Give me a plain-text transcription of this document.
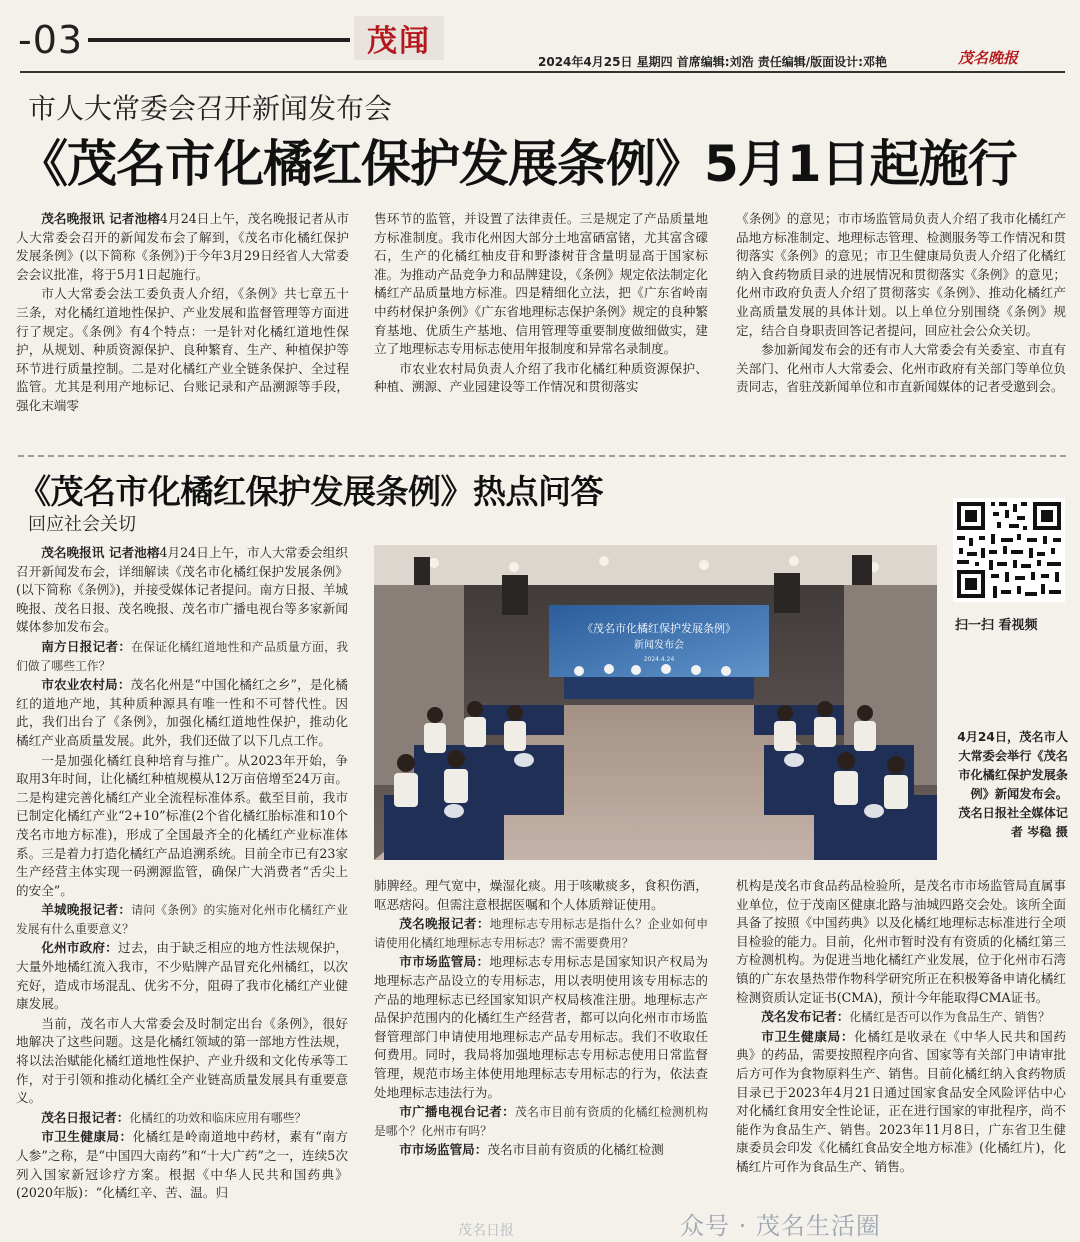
-03	茂闻
2024年4月25日 星期四 首席编辑:刘浩 责任编辑/版面设计:邓艳	茂名晚报
市人大常委会召开新闻发布会
《茂名市化橘红保护发展条例》5月1日起施行

茂名晚报讯 记者池榕4月24日上午，茂名晚报记者从市人大常委会召开的新闻发布会了解到，《茂名市化橘红保护发展条例》(以下简称《条例》)于今年3月29日经省人大常委会会议批准，将于5月1日起施行。

市人大常委会法工委负责人介绍，《条例》共七章五十三条，对化橘红道地性保护、产业发展和监督管理等方面进行了规定。《条例》有4个特点：一是针对化橘红道地性保护，从规划、种质资源保护、良种繁育、生产、种植保护等环节进行质量控制。二是对化橘红产业全链条保护、全过程监管。尤其是利用产地标记、台账记录和产品溯源等手段，强化末端零

售环节的监管，并设置了法律责任。三是规定了产品质量地方标准制度。我市化州因大部分土地富硒富锗，尤其富含礞石，生产的化橘红柚皮苷和野漆树苷含量明显高于国家标准。为推动产品竞争力和品牌建设，《条例》规定依法制定化橘红产品质量地方标准。四是精细化立法，把《广东省岭南中药材保护条例》《广东省地理标志保护条例》规定的良种繁育基地、优质生产基地、信用管理等重要制度做细做实，建立了地理标志专用标志使用年报制度和异常名录制度。

市农业农村局负责人介绍了我市化橘红种质资源保护、种植、溯源、产业园建设等工作情况和贯彻落实

《条例》的意见；市市场监管局负责人介绍了我市化橘红产品地方标准制定、地理标志管理、检测服务等工作情况和贯彻落实《条例》的意见；市卫生健康局负责人介绍了化橘红纳入食药物质目录的进展情况和贯彻落实《条例》的意见；化州市政府负责人介绍了贯彻落实《条例》、推动化橘红产业高质量发展的具体计划。以上单位分别围绕《条例》规定，结合自身职责回答记者提问，回应社会公众关切。

参加新闻发布会的还有市人大常委会有关委室、市直有关部门、化州市人大常委会、化州市政府有关部门等单位负责同志，省驻茂新闻单位和市直新闻媒体的记者受邀到会。

《茂名市化橘红保护发展条例》热点问答
回应社会关切
扫一扫 看视频
《茂名市化橘红保护发展条例》
新闻发布会
2024.4.24
4月24日，茂名市人大常委会举行《茂名市化橘红保护发展条例》新闻发布会。
茂名日报社全媒体记者 岑稳 摄

茂名晚报讯 记者池榕4月24日上午，市人大常委会组织召开新闻发布会，详细解读《茂名市化橘红保护发展条例》(以下简称《条例》)，并接受媒体记者提问。南方日报、羊城晚报、茂名日报、茂名晚报、茂名市广播电视台等多家新闻媒体参加发布会。

南方日报记者：在保证化橘红道地性和产品质量方面，我们做了哪些工作？

市农业农村局：茂名化州是“中国化橘红之乡”，是化橘红的道地产地，其种质种源具有唯一性和不可替代性。因此，我们出台了《条例》，加强化橘红道地性保护，推动化橘红产业高质量发展。此外，我们还做了以下几点工作。

一是加强化橘红良种培育与推广。从2023年开始，争取用3年时间，让化橘红种植规模从12万亩倍增至24万亩。二是构建完善化橘红产业全流程标准体系。截至目前，我市已制定化橘红产业“2+10”标准(2个省化橘红胎标准和10个茂名市地方标准)，形成了全国最齐全的化橘红产业标准体系。三是着力打造化橘红产品追溯系统。目前全市已有23家生产经营主体实现一码溯源监管，确保广大消费者“舌尖上的安全”。

羊城晚报记者：请问《条例》的实施对化州市化橘红产业发展有什么重要意义？

化州市政府：过去，由于缺乏相应的地方性法规保护，大量外地橘红流入我市，不少贴牌产品冒充化州橘红，以次充好，造成市场混乱、优劣不分，阻碍了我市化橘红产业健康发展。

当前，茂名市人大常委会及时制定出台《条例》，很好地解决了这些问题。这是化橘红领域的第一部地方性法规，将以法治赋能化橘红道地性保护、产业升级和文化传承等工作，对于引领和推动化橘红全产业链高质量发展具有重要意义。

茂名日报记者：化橘红的功效和临床应用有哪些？

市卫生健康局：化橘红是岭南道地中药材，素有“南方人参”之称，是“中国四大南药”和“十大广药”之一，连续5次列入国家新冠诊疗方案。根据《中华人民共和国药典》(2020年版)：“化橘红辛、苦、温。归

肺脾经。理气宽中，燥湿化痰。用于咳嗽痰多，食积伤酒，呕恶痞闷。但需注意根据医嘱和个人体质辩证使用。

茂名晚报记者：地理标志专用标志是指什么？企业如何申请使用化橘红地理标志专用标志？需不需要费用？

市市场监管局：地理标志专用标志是国家知识产权局为地理标志产品设立的专用标志，用以表明使用该专用标志的产品的地理标志已经国家知识产权局核准注册。地理标志产品保护范围内的化橘红生产经营者，都可以向化州市市场监督管理部门申请使用地理标志产品专用标志。我们不收取任何费用。同时，我局将加强地理标志专用标志使用日常监督管理，规范市场主体使用地理标志专用标志的行为，依法查处地理标志违法行为。

市广播电视台记者：茂名市目前有资质的化橘红检测机构是哪个？化州市有吗？

市市场监管局：茂名市目前有资质的化橘红检测

机构是茂名市食品药品检验所，是茂名市市场监管局直属事业单位，位于茂南区健康北路与油城四路交会处。该所全面具备了按照《中国药典》以及化橘红地理标志标准进行全项目检验的能力。目前，化州市暂时没有有资质的化橘红第三方检测机构。为促进当地化橘红产业发展，位于化州市石湾镇的广东农垦热带作物科学研究所正在积极筹备申请化橘红检测资质认定证书(CMA)，预计今年能取得CMA证书。

茂名发布记者：化橘红是否可以作为食品生产、销售？

市卫生健康局：化橘红是收录在《中华人民共和国药典》的药品，需要按照程序向省、国家等有关部门申请审批后方可作为食物原料生产、销售。目前化橘红纳入食药物质目录已于2023年4月21日通过国家食品安全风险评估中心对化橘红食用安全性论证，正在进行国家的审批程序，尚不能作为食品生产、销售。2023年11月8日，广东省卫生健康委员会印发《化橘红食品安全地方标准》(化橘红片)，化橘红片可作为食品生产、销售。

众号 · 茂名生活圈
茂名日报
